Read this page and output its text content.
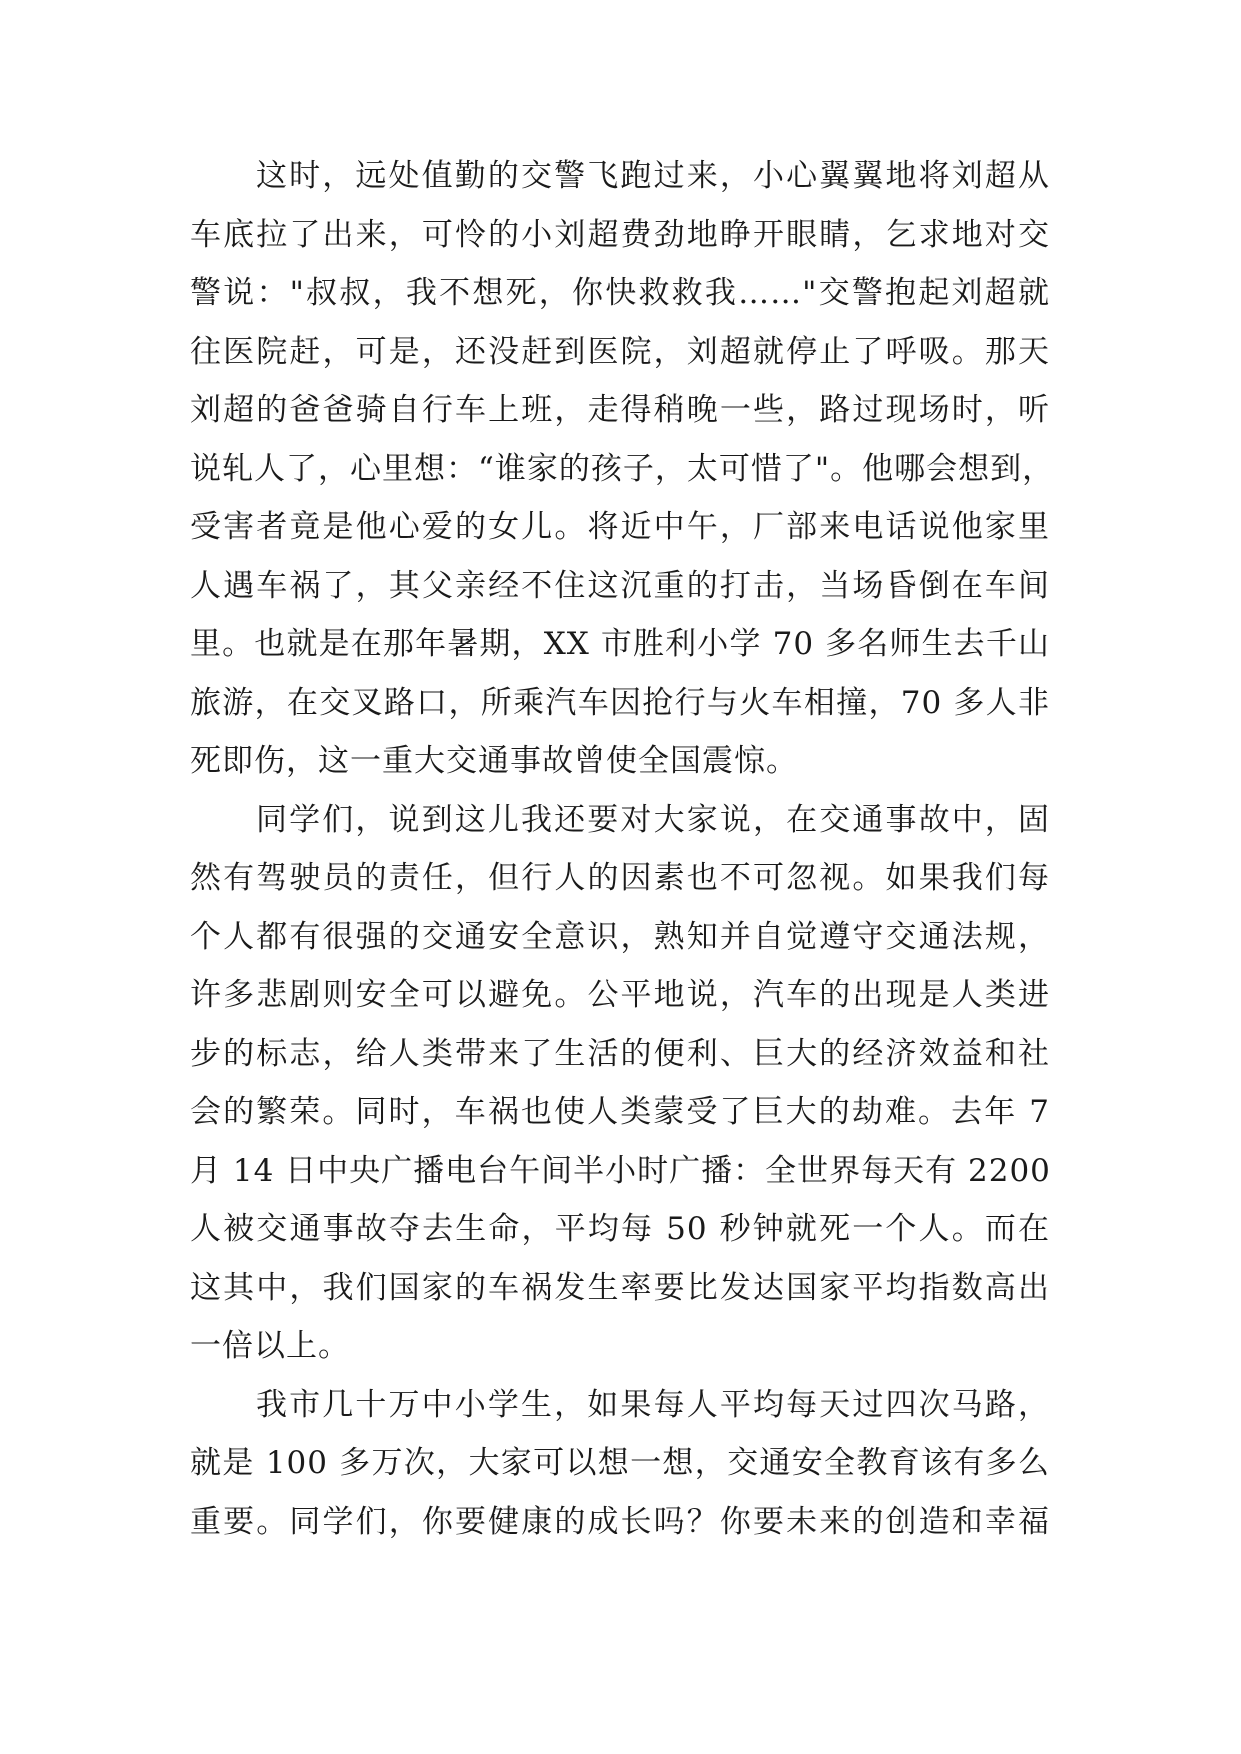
这时，远处值勤的交警飞跑过来，小心翼翼地将刘超从
车底拉了出来，可怜的小刘超费劲地睁开眼睛，乞求地对交
警说："叔叔，我不想死，你快救救我……"交警抱起刘超就
往医院赶，可是，还没赶到医院，刘超就停止了呼吸。那天
刘超的爸爸骑自行车上班，走得稍晚一些，路过现场时，听
说轧人了，心里想：“谁家的孩子，太可惜了"。他哪会想到，
受害者竟是他心爱的女儿。将近中午，厂部来电话说他家里
人遇车祸了，其父亲经不住这沉重的打击，当场昏倒在车间
里。也就是在那年暑期，XX 市胜利小学 70 多名师生去千山
旅游，在交叉路口，所乘汽车因抢行与火车相撞，70 多人非
死即伤，这一重大交通事故曾使全国震惊。
同学们，说到这儿我还要对大家说，在交通事故中，固
然有驾驶员的责任，但行人的因素也不可忽视。如果我们每
个人都有很强的交通安全意识，熟知并自觉遵守交通法规，
许多悲剧则安全可以避免。公平地说，汽车的出现是人类进
步的标志，给人类带来了生活的便利、巨大的经济效益和社
会的繁荣。同时，车祸也使人类蒙受了巨大的劫难。去年 7
月 14 日中央广播电台午间半小时广播：全世界每天有 2200
人被交通事故夺去生命，平均每 50 秒钟就死一个人。而在
这其中，我们国家的车祸发生率要比发达国家平均指数高出
一倍以上。
我市几十万中小学生，如果每人平均每天过四次马路，
就是 100 多万次，大家可以想一想，交通安全教育该有多么
重要。同学们，你要健康的成长吗？你要未来的创造和幸福
